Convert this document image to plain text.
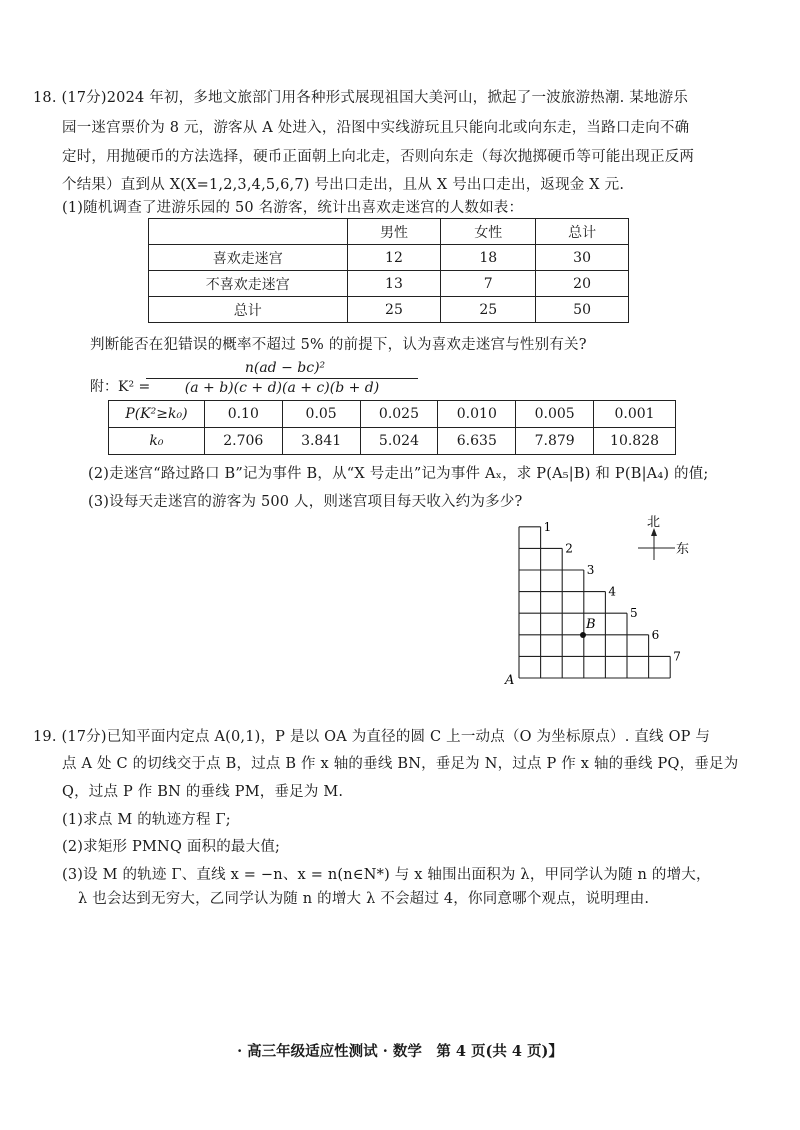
18. (17分)2024 年初，多地文旅部门用各种形式展现祖国大美河山，掀起了一波旅游热潮. 某地游乐
园一迷宫票价为 8 元，游客从 A 处进入，沿图中实线游玩且只能向北或向东走，当路口走向不确
定时，用抛硬币的方法选择，硬币正面朝上向北走，否则向东走（每次抛掷硬币等可能出现正反两
个结果）直到从 X(X=1,2,3,4,5,6,7) 号出口走出，且从 X 号出口走出，返现金 X 元.
(1)随机调查了进游乐园的 50 名游客，统计出喜欢走迷宫的人数如表：
	男性	女性	总计
喜欢走迷宫	12	18	30
不喜欢走迷宫	13	7	20
总计	25	25	50
判断能否在犯错误的概率不超过 5% 的前提下，认为喜欢走迷宫与性别有关?
附：K² =
n(ad − bc)²
(a + b)(c + d)(a + c)(b + d)
P(K²≥k₀)	0.10	0.05	0.025	0.010	0.005	0.001
k₀	2.706	3.841	5.024	6.635	7.879	10.828
(2)走迷宫“路过路口 B”记为事件 B，从“X 号走出”记为事件 Aₓ，求 P(A₅|B) 和 P(B|A₄) 的值;
(3)设每天走迷宫的游客为 500 人，则迷宫项目每天收入约为多少?
B
A
1
2
3
4
5
6
7
北
东
19. (17分)已知平面内定点 A(0,1)，P 是以 OA 为直径的圆 C 上一动点（O 为坐标原点）. 直线 OP 与
点 A 处 C 的切线交于点 B，过点 B 作 x 轴的垂线 BN，垂足为 N，过点 P 作 x 轴的垂线 PQ，垂足为
Q，过点 P 作 BN 的垂线 PM，垂足为 M.
(1)求点 M 的轨迹方程 Γ;
(2)求矩形 PMNQ 面积的最大值;
(3)设 M 的轨迹 Γ、直线 x = −n、x = n(n∈N*) 与 x 轴围出面积为 λ，甲同学认为随 n 的增大，
λ 也会达到无穷大，乙同学认为随 n 的增大 λ 不会超过 4，你同意哪个观点，说明理由.
· 高三年级适应性测试 · 数学　第 4 页(共 4 页)】
